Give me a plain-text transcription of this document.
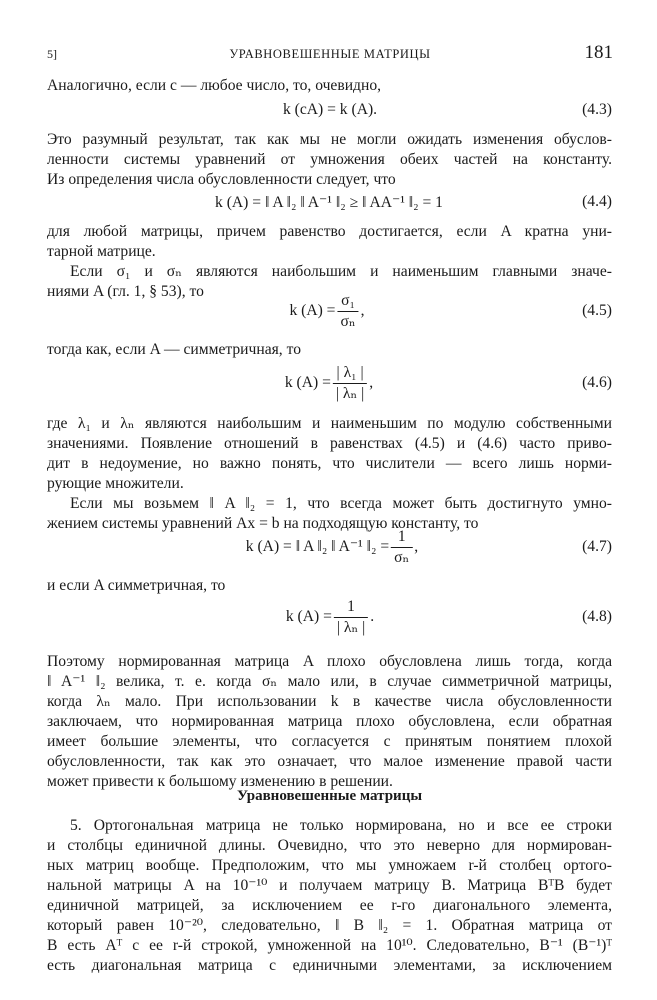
5]	УРАВНОВЕШЕННЫЕ МАТРИЦЫ	181
Аналогично, если c — любое число, то, очевидно,
k (cA) = k (A).	(4.3)
Это разумный результат, так как мы не могли ожидать изменения обуслов-
ленности системы уравнений от умножения обеих частей на константу.
Из определения числа обусловленности следует, что
k (A) = ‖ A ‖₂ ‖ A⁻¹ ‖₂ ≥ ‖ AA⁻¹ ‖₂ = 1	(4.4)
для любой матрицы, причем равенство достигается, если A кратна уни-
тарной матрице.
Если σ₁ и σₙ являются наибольшим и наименьшим главными значе-
ниями A (гл. 1, § 53), то
k $(A) = \frac{\text{σ₁}}{\text{σₙ}}$ ,	(4.5)
тогда как, если A — симметричная, то
k $(A) = \frac{\text{| λ₁ |}}{\text{| λₙ |}}$ ,	(4.6)
где λ₁ и λₙ являются наибольшим и наименьшим по модулю собственными
значениями. Появление отношений в равенствах (4.5) и (4.6) часто приво-
дит в недоумение, но важно понять, что числители — всего лишь норми-
рующие множители.
Если мы возьмем ‖ A ‖₂ = 1, что всегда может быть достигнуто умно-
жением системы уравнений Ax = b на подходящую константу, то
k (A) = ‖ A ‖₂ ‖ A⁻¹ ‖₂ = $\frac{1}{\text{σₙ}}$ ,	(4.7)
и если A симметричная, то
k $(A) = \frac{1}{\text{| λₙ |}}$ .	(4.8)
Поэтому нормированная матрица A плохо обусловлена лишь тогда, когда
‖ A⁻¹ ‖₂ велика, т. е. когда σₙ мало или, в случае симметричной матрицы,
когда λₙ мало. При использовании k в качестве числа обусловленности
заключаем, что нормированная матрица плохо обусловлена, если обратная
имеет большие элементы, что согласуется с принятым понятием плохой
обусловленности, так как это означает, что малое изменение правой части
может привести к большому изменению в решении.
Уравновешенные матрицы
5. Ортогональная матрица не только нормирована, но и все ее строки
и столбцы единичной длины. Очевидно, что это неверно для нормирован-
ных матриц вообще. Предположим, что мы умножаем r-й столбец ортого-
нальной матрицы A на 10⁻¹⁰ и получаем матрицу B. Матрица BᵀB будет
единичной матрицей, за исключением ее r-го диагонального элемента,
который равен 10⁻²⁰, следовательно, ‖ B ‖₂ = 1. Обратная матрица от
B есть Aᵀ с ее r-й строкой, умноженной на 10¹⁰. Следовательно, B⁻¹ (B⁻¹)ᵀ
есть диагональная матрица с единичными элементами, за исключением
